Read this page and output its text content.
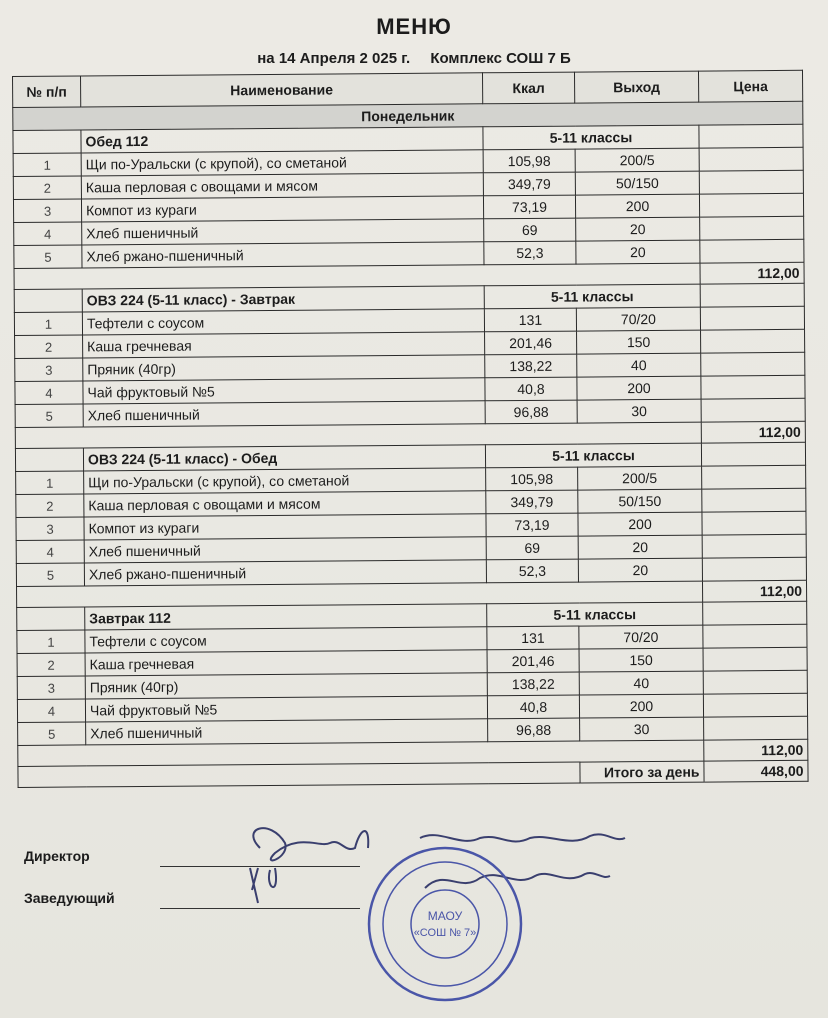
МЕНЮ
на 14 Апреля 2 025 г. Комплекс СОШ 7 Б
№ п/п	Наименование	Ккал	Выход	Цена
Понедельник				
	Обед 112	5-11 классы		
1	Щи по-Уральски (с крупой), со сметаной	105,98	200/5	
2	Каша перловая с овощами и мясом	349,79	50/150	
3	Компот из кураги	73,19	200	
4	Хлеб пшеничный	69	20	
5	Хлеб ржано-пшеничный	52,3	20	
				112,00
	ОВЗ 224 (5-11 класс) - Завтрак	5-11 классы		
1	Тефтели с соусом	131	70/20	
2	Каша гречневая	201,46	150	
3	Пряник (40гр)	138,22	40	
4	Чай фруктовый №5	40,8	200	
5	Хлеб пшеничный	96,88	30	
				112,00
	ОВЗ 224 (5-11 класс) - Обед	5-11 классы		
1	Щи по-Уральски (с крупой), со сметаной	105,98	200/5	
2	Каша перловая с овощами и мясом	349,79	50/150	
3	Компот из кураги	73,19	200	
4	Хлеб пшеничный	69	20	
5	Хлеб ржано-пшеничный	52,3	20	
				112,00
	Завтрак 112	5-11 классы		
1	Тефтели с соусом	131	70/20	
2	Каша гречневая	201,46	150	
3	Пряник (40гр)	138,22	40	
4	Чай фруктовый №5	40,8	200	
5	Хлеб пшеничный	96,88	30	
				112,00
			Итого за день	448,00
Директор
Заведующий
МАОУ
«СОШ № 7»
